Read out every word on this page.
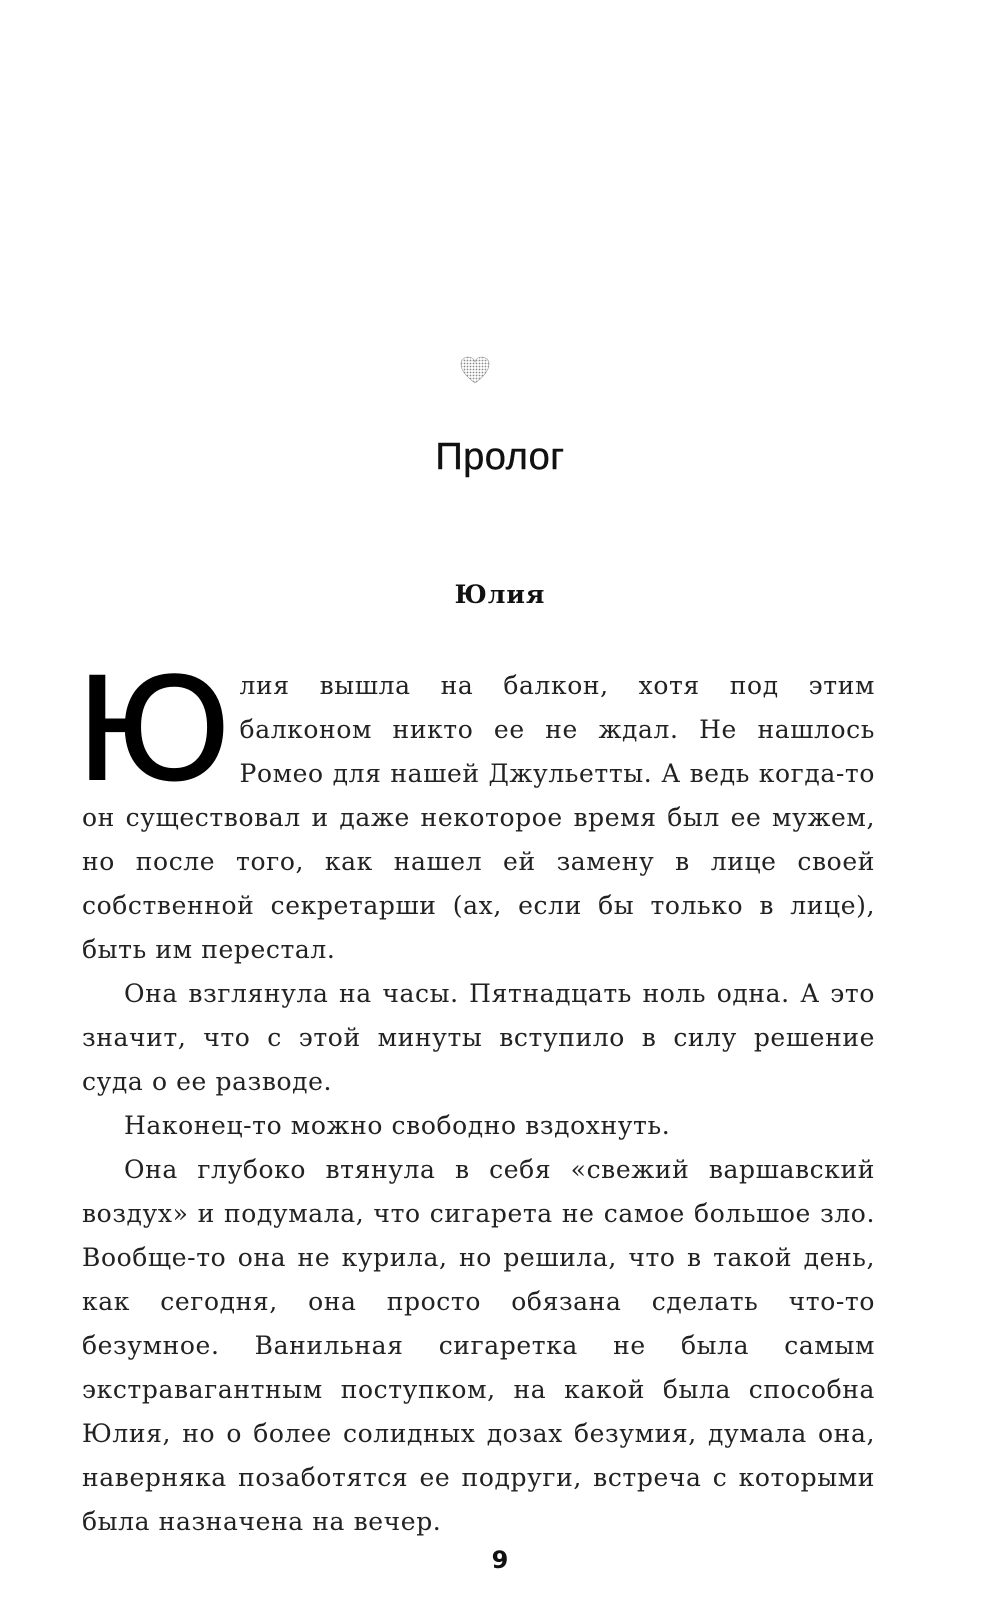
Пролог
Юлия

Юлия вышла на балкон, хотя под этим балконом никто ее не ждал. Не нашлось Ромео для нашей Джульетты. А ведь когда-то он существовал и даже некоторое время был ее мужем, но после того, как нашел ей замену в лице своей собственной секретарши (ах, если бы только в лице), быть им перестал.

Она взглянула на часы. Пятнадцать ноль одна. А это значит, что с этой минуты вступило в силу решение суда о ее разводе.

Наконец-то можно свободно вздохнуть.

Она глубоко втянула в себя «свежий варшавский воздух» и подумала, что сигарета не самое большое зло. Вообще-то она не курила, но решила, что в такой день, как сегодня, она просто обязана сделать что-то безумное. Ванильная сигаретка не была самым экстравагантным поступком, на какой была способна Юлия, но о более солидных дозах безумия, думала она, наверняка позаботятся ее подруги, встреча с которыми была назначена на вечер.

9
